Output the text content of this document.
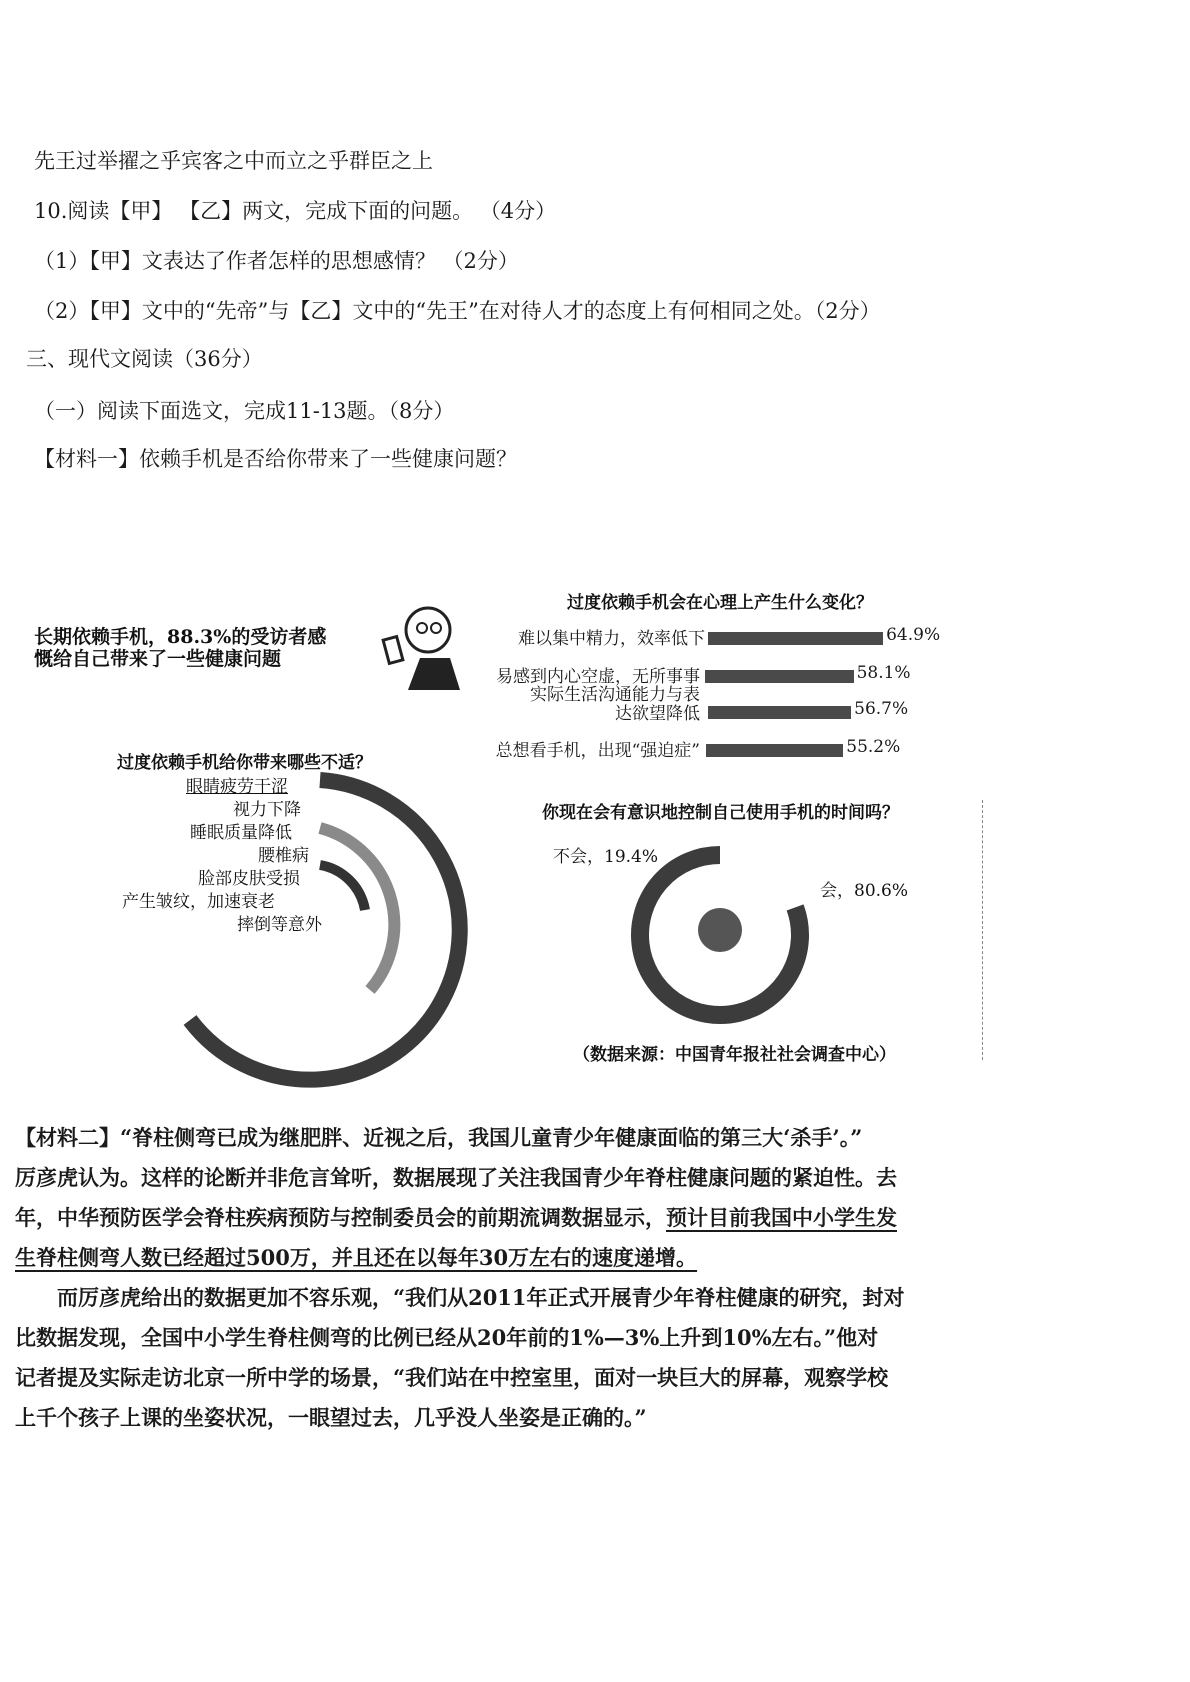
先王过举擢之乎宾客之中而立之乎群臣之上
10.阅读【甲】 【乙】两文，完成下面的问题。 （4分）
（1）【甲】文表达了作者怎样的思想感情？ （2分）
（2）【甲】文中的“先帝”与【乙】文中的“先王”在对待人才的态度上有何相同之处。（2分）
三、现代文阅读（36分）
（一）阅读下面选文，完成11-13题。（8分）
【材料一】依赖手机是否给你带来了一些健康问题？
长期依赖手机，88.3%的受访者感
慨给自己带来了一些健康问题
过度依赖手机会在心理上产生什么变化？
难以集中精力，效率低下	64.9%
易感到内心空虚，无所事事	58.1%
实际生活沟通能力与表达欲望降低	56.7%
总想看手机，出现“强迫症”	55.2%
过度依赖手机给你带来哪些不适？
眼睛疲劳干涩
视力下降
睡眠质量降低
腰椎病
脸部皮肤受损
产生皱纹，加速衰老
摔倒等意外
你现在会有意识地控制自己使用手机的时间吗？
不会，19.4%
会，80.6%
（数据来源：中国青年报社社会调查中心）

【材料二】“脊柱侧弯已成为继肥胖、近视之后，我国儿童青少年健康面临的第三大‘杀手’。”

厉彦虎认为。这样的论断并非危言耸听，数据展现了关注我国青少年脊柱健康问题的紧迫性。去

年，中华预防医学会脊柱疾病预防与控制委员会的前期流调数据显示，预计目前我国中小学生发

生脊柱侧弯人数已经超过500万，并且还在以每年30万左右的速度递增。

而厉彦虎给出的数据更加不容乐观，“我们从2011年正式开展青少年脊柱健康的研究，封对

比数据发现，全国中小学生脊柱侧弯的比例已经从20年前的1%—3%上升到10%左右。”他对

记者提及实际走访北京一所中学的场景，“我们站在中控室里，面对一块巨大的屏幕，观察学校

上千个孩子上课的坐姿状况，一眼望过去，几乎没人坐姿是正确的。”
